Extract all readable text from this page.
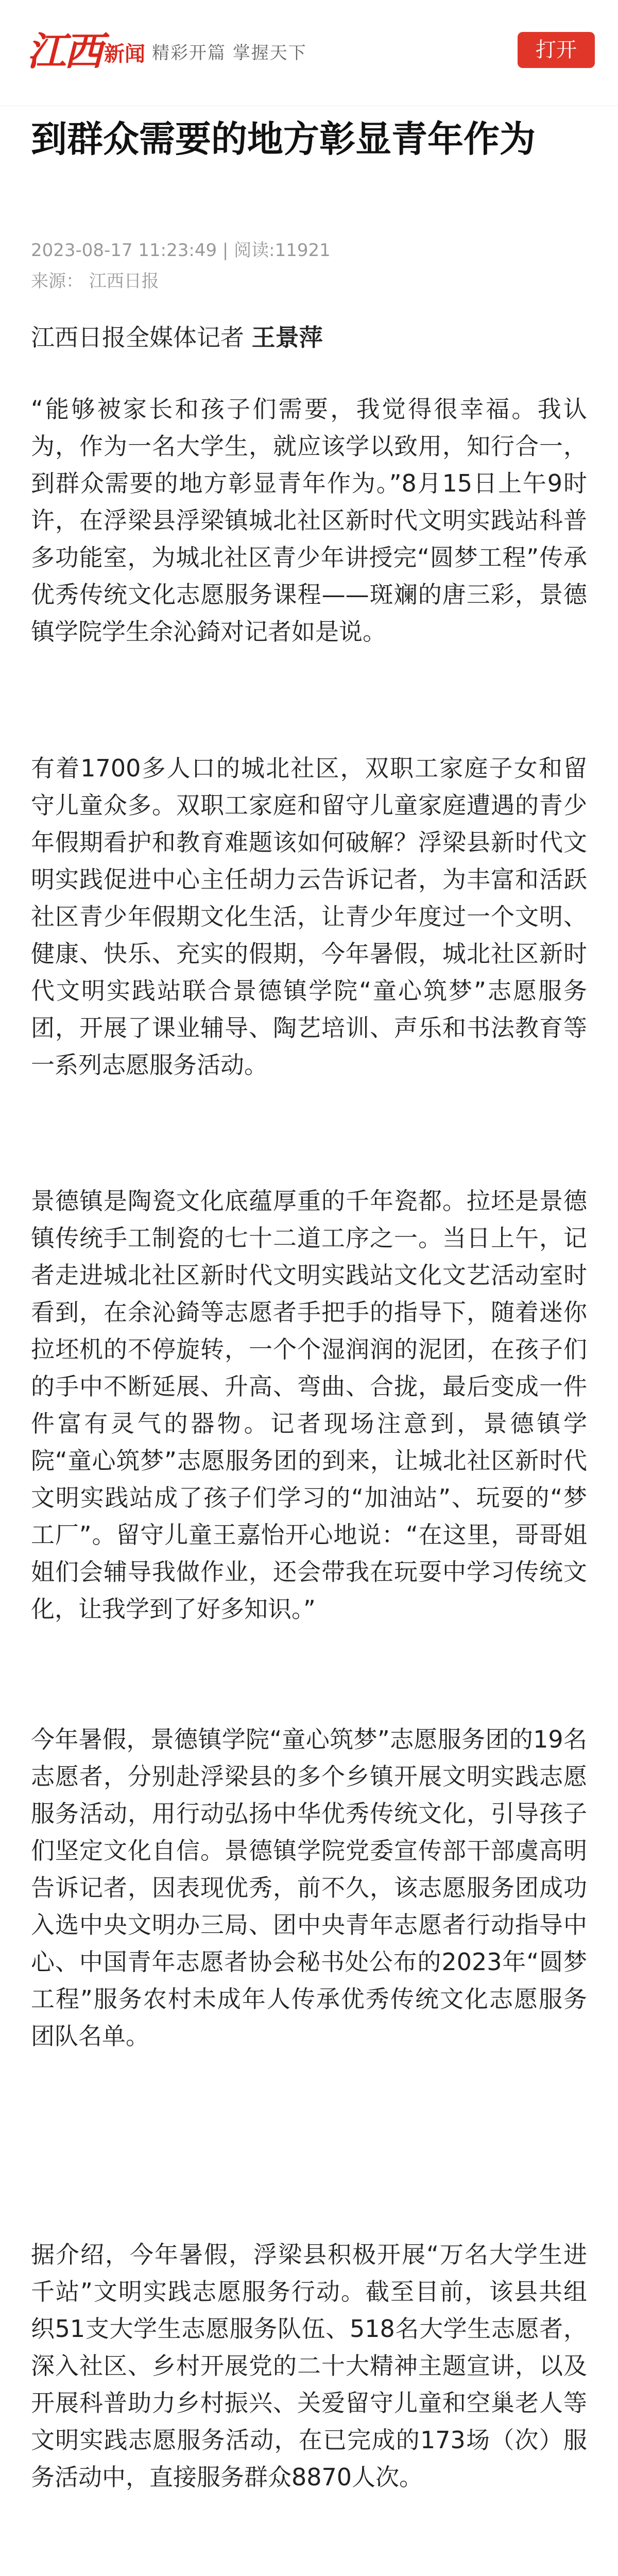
江西 新闻 精彩开篇 掌握天下	打开
到群众需要的地方彰显青年作为
2023-08-17 11:23:49 | 阅读:11921
来源： 江西日报
江西日报全媒体记者 王景萍

“能够被家长和孩子们需要，我觉得很幸福。我认为，作为一名大学生，就应该学以致用，知行合一，到群众需要的地方彰显青年作为。”8月15日上午9时许，在浮梁县浮梁镇城北社区新时代文明实践站科普多功能室，为城北社区青少年讲授完“圆梦工程”传承优秀传统文化志愿服务课程——斑斓的唐三彩，景德镇学院学生余沁錡对记者如是说。

有着1700多人口的城北社区，双职工家庭子女和留守儿童众多。双职工家庭和留守儿童家庭遭遇的青少年假期看护和教育难题该如何破解？浮梁县新时代文明实践促进中心主任胡力云告诉记者，为丰富和活跃社区青少年假期文化生活，让青少年度过一个文明、健康、快乐、充实的假期，今年暑假，城北社区新时代文明实践站联合景德镇学院“童心筑梦”志愿服务团，开展了课业辅导、陶艺培训、声乐和书法教育等一系列志愿服务活动。

景德镇是陶瓷文化底蕴厚重的千年瓷都。拉坯是景德镇传统手工制瓷的七十二道工序之一。当日上午，记者走进城北社区新时代文明实践站文化文艺活动室时看到，在余沁錡等志愿者手把手的指导下，随着迷你拉坯机的不停旋转，一个个湿润润的泥团，在孩子们的手中不断延展、升高、弯曲、合拢，最后变成一件件富有灵气的器物。记者现场注意到，景德镇学院“童心筑梦”志愿服务团的到来，让城北社区新时代文明实践站成了孩子们学习的“加油站”、玩耍的“梦工厂”。留守儿童王嘉怡开心地说：“在这里，哥哥姐姐们会辅导我做作业，还会带我在玩耍中学习传统文化，让我学到了好多知识。”

今年暑假，景德镇学院“童心筑梦”志愿服务团的19名志愿者，分别赴浮梁县的多个乡镇开展文明实践志愿服务活动，用行动弘扬中华优秀传统文化，引导孩子们坚定文化自信。景德镇学院党委宣传部干部虞高明告诉记者，因表现优秀，前不久，该志愿服务团成功入选中央文明办三局、团中央青年志愿者行动指导中心、中国青年志愿者协会秘书处公布的2023年“圆梦工程”服务农村未成年人传承优秀传统文化志愿服务团队名单。

据介绍，今年暑假，浮梁县积极开展“万名大学生进千站”文明实践志愿服务行动。截至目前，该县共组织51支大学生志愿服务队伍、518名大学生志愿者，深入社区、乡村开展党的二十大精神主题宣讲，以及开展科普助力乡村振兴、关爱留守儿童和空巢老人等文明实践志愿服务活动，在已完成的173场（次）服务活动中，直接服务群众8870人次。
